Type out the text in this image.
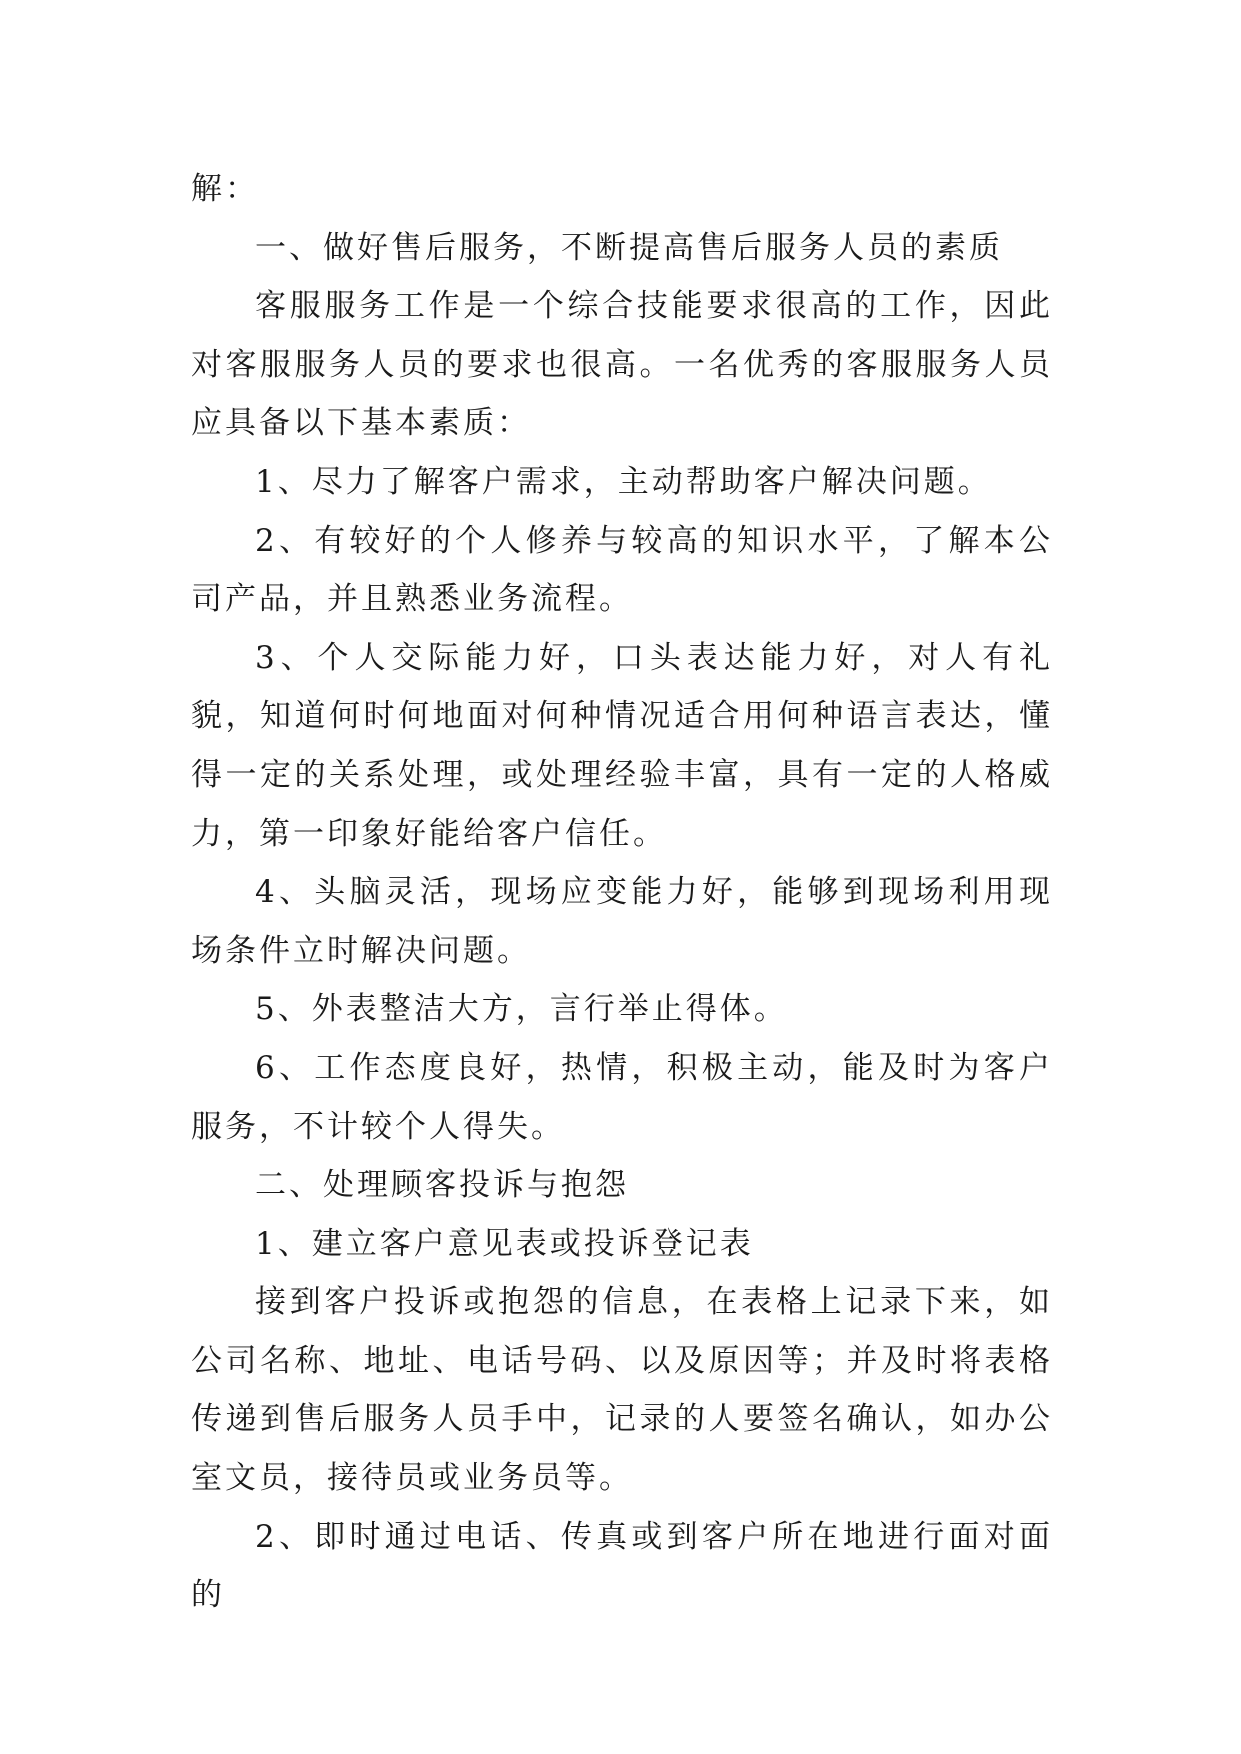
解：

一、做好售后服务，不断提高售后服务人员的素质

客服服务工作是一个综合技能要求很高的工作，因此对客服服务人员的要求也很高。一名优秀的客服服务人员应具备以下基本素质：

1、尽力了解客户需求，主动帮助客户解决问题。

2、有较好的个人修养与较高的知识水平，了解本公司产品，并且熟悉业务流程。

3、个人交际能力好，口头表达能力好，对人有礼貌，知道何时何地面对何种情况适合用何种语言表达，懂得一定的关系处理，或处理经验丰富，具有一定的人格威力，第一印象好能给客户信任。

4、头脑灵活，现场应变能力好，能够到现场利用现场条件立时解决问题。

5、外表整洁大方，言行举止得体。

6、工作态度良好，热情，积极主动，能及时为客户服务，不计较个人得失。

二、处理顾客投诉与抱怨

1、建立客户意见表或投诉登记表

接到客户投诉或抱怨的信息，在表格上记录下来，如公司名称、地址、电话号码、以及原因等；并及时将表格传递到售后服务人员手中，记录的人要签名确认，如办公室文员，接待员或业务员等。

2、即时通过电话、传真或到客户所在地进行面对面的
